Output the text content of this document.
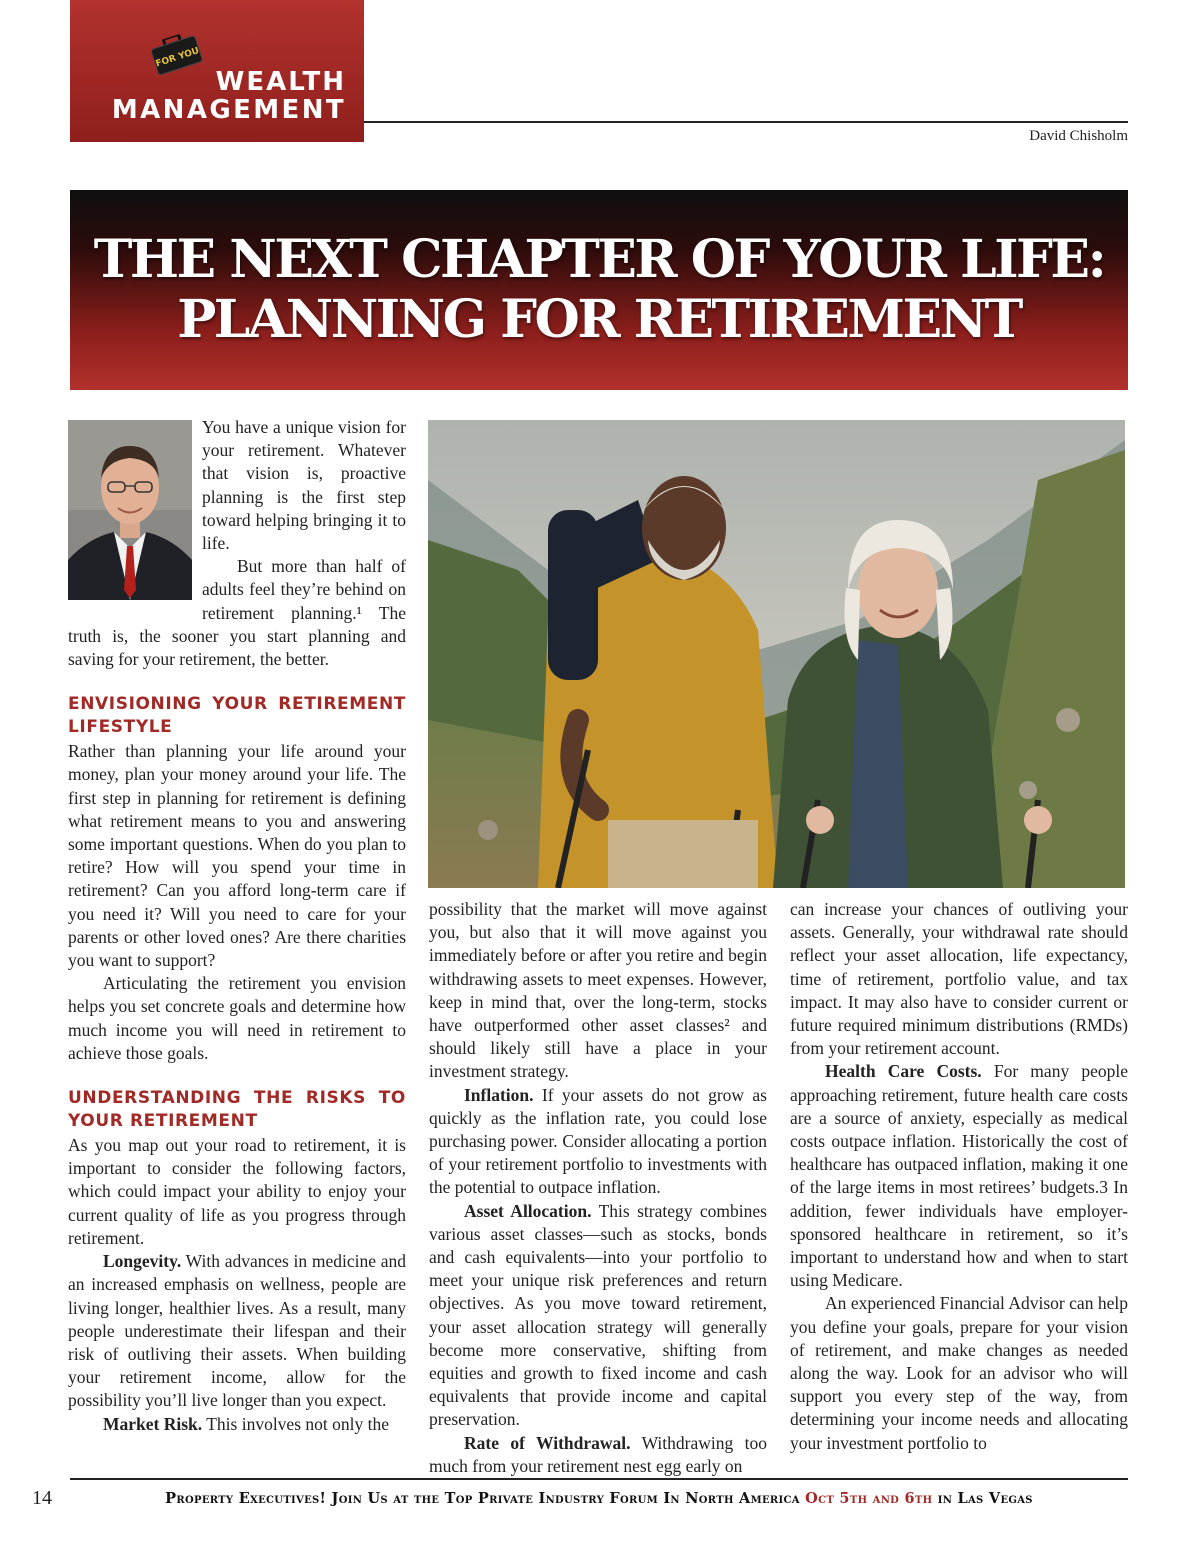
FOR YOU
WEALTH
MANAGEMENT
David Chisholm
THE NEXT CHAPTER OF YOUR LIFE:
PLANNING FOR RETIREMENT

You have a unique vision for your retirement. Whatever that vision is, proactive planning is the first step toward helping bringing it to life.

But more than half of adults feel they’re behind on retirement planning.¹ The truth is, the sooner you start planning and saving for your retirement, the better.

ENVISIONING YOUR RETIREMENT LIFESTYLE

Rather than planning your life around your money, plan your money around your life. The first step in planning for retirement is defining what retirement means to you and answering some important questions. When do you plan to retire? How will you spend your time in retirement? Can you afford long-term care if you need it? Will you need to care for your parents or other loved ones? Are there charities you want to support?

Articulating the retirement you envision helps you set concrete goals and determine how much income you will need in retirement to achieve those goals.

UNDERSTANDING THE RISKS TO YOUR RETIREMENT

As you map out your road to retirement, it is important to consider the following factors, which could impact your ability to enjoy your current quality of life as you progress through retirement.

Longevity. With advances in medicine and an increased emphasis on wellness, people are living longer, healthier lives. As a result, many people underestimate their lifespan and their risk of outliving their assets. When building your retirement income, allow for the possibility you’ll live longer than you expect.

Market Risk. This involves not only the

possibility that the market will move against you, but also that it will move against you immediately before or after you retire and begin withdrawing assets to meet expenses. However, keep in mind that, over the long-term, stocks have outperformed other asset classes² and should likely still have a place in your investment strategy.

Inflation. If your assets do not grow as quickly as the inflation rate, you could lose purchasing power. Consider allocating a portion of your retirement portfolio to investments with the potential to outpace inflation.

Asset Allocation. This strategy combines various asset classes—such as stocks, bonds and cash equivalents—into your portfolio to meet your unique risk preferences and return objectives. As you move toward retirement, your asset allocation strategy will generally become more conservative, shifting from equities and growth to fixed income and cash equivalents that provide income and capital preservation.

Rate of Withdrawal. Withdrawing too much from your retirement nest egg early on

can increase your chances of outliving your assets. Generally, your withdrawal rate should reflect your asset allocation, life expectancy, time of retirement, portfolio value, and tax impact. It may also have to consider current or future required minimum distributions (RMDs) from your retirement account.

Health Care Costs. For many people approaching retirement, future health care costs are a source of anxiety, especially as medical costs outpace inflation. Historically the cost of healthcare has outpaced inflation, making it one of the large items in most retirees’ budgets.3 In addition, fewer individuals have employer-sponsored healthcare in retirement, so it’s important to understand how and when to start using Medicare.

An experienced Financial Advisor can help you define your goals, prepare for your vision of retirement, and make changes as needed along the way. Look for an advisor who will support you every step of the way, from determining your income needs and allocating your investment portfolio to

14	Property Executives! Join Us at the Top Private Industry Forum In North America Oct 5th and 6th in Las Vegas
